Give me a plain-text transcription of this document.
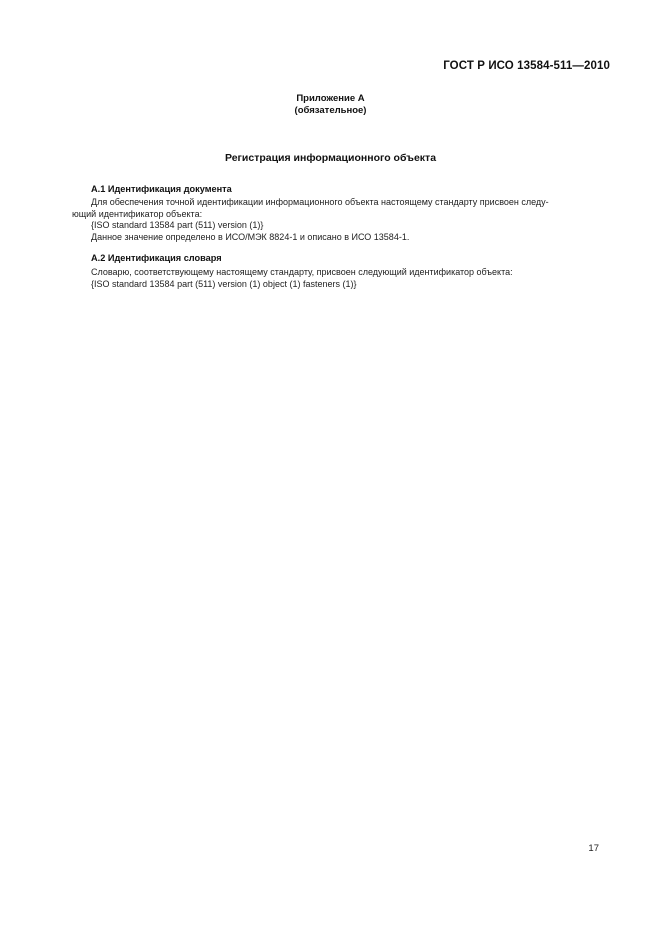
ГОСТ Р ИСО 13584-511—2010
Приложение А
(обязательное)
Регистрация информационного объекта
А.1 Идентификация документа
Для обеспечения точной идентификации информационного объекта настоящему стандарту присвоен следу-
ющий идентификатор объекта:
{ISO standard 13584 part (511) version (1)}
Данное значение определено в ИСО/МЭК 8824-1 и описано в ИСО 13584-1.
А.2 Идентификация словаря
Словарю, соответствующему настоящему стандарту, присвоен следующий идентификатор объекта:
{ISO standard 13584 part (511) version (1) object (1) fasteners (1)}
17
